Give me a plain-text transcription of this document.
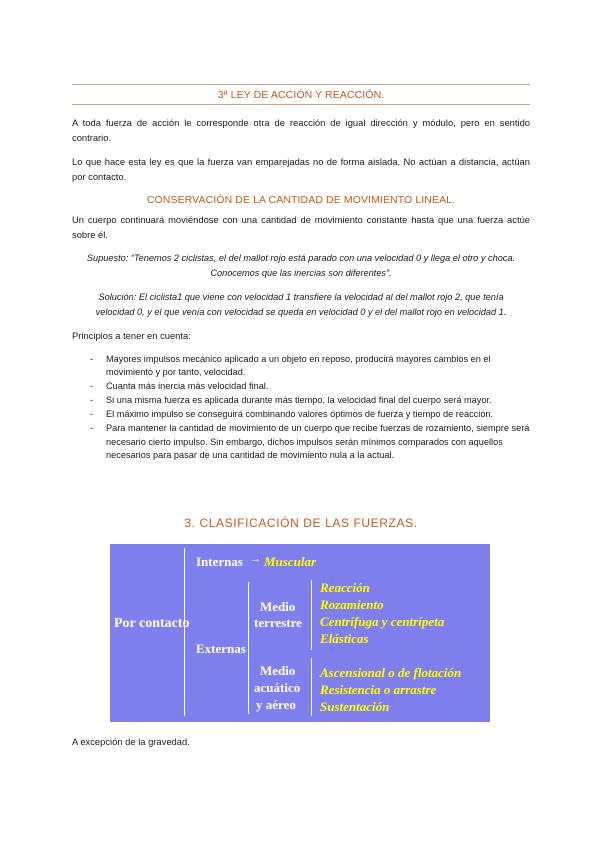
3ª LEY DE ACCIÓN Y REACCIÓN.
A toda fuerza de acción le corresponde otra de reacción de igual dirección y módulo, pero en sentido contrario.
Lo que hace esta ley es que la fuerza van emparejadas no de forma aislada. No actúan a distancia, actúan por contacto.
CONSERVACIÓN DE LA CANTIDAD DE MOVIMIENTO LINEAL.
Un cuerpo continuará moviéndose con una cantidad de movimiento constante hasta que una fuerza actúe sobre él.
Supuesto: “Tenemos 2 ciclistas, el del mallot rojo está parado con una velocidad 0 y llega el otro y choca. Conocemos que las inercias son diferentes”.
Solución: El ciclista1 que viene con velocidad 1 transfiere la velocidad al del mallot rojo 2, que tenía velocidad 0, y el que venía con velocidad se queda en velocidad 0 y el del mallot rojo en velocidad 1.
Principios a tener en cuenta:
- Mayores impulsos mecánico aplicado a un objeto en reposo, producirá mayores cambios en el movimiento y por tanto, velocidad.
- Cuanta más inercia más velocidad final.
- Si una misma fuerza es aplicada durante más tiempo, la velocidad final del cuerpo será mayor.
- El máximo impulso se conseguirá combinando valores óptimos de fuerza y tiempo de reacción.
- Para mantener la cantidad de movimiento de un cuerpo que recibe fuerzas de rozamiento, siempre será necesario cierto impulso. Sin embargo, dichos impulsos serán mínimos comparados con aquellos necesarios para pasar de una cantidad de movimiento nula a la actual.
3. CLASIFICACIÓN DE LAS FUERZAS.
Por contacto
Internas → Muscular
Externas
Medio
terrestre
Reacción
Rozamiento
Centrífuga y centrípeta
Elásticas
Medio
acuático
y aéreo
Ascensional o de flotación
Resistencia o arrastre
Sustentación
A excepción de la gravedad.
